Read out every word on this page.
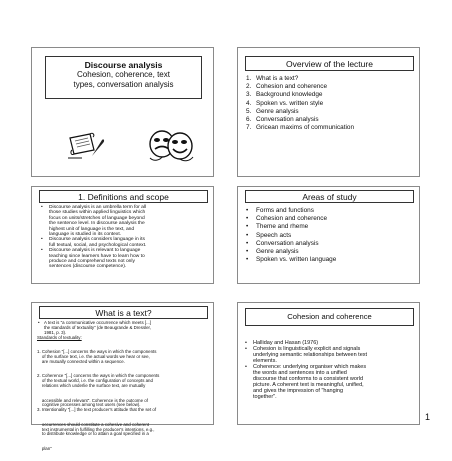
Discourse analysis
Cohesion, coherence, text
types, conversation analysis
Overview of the lecture
1. What is a text?
2. Cohesion and coherence
3. Background knowledge
4. Spoken vs. written style
5. Genre analysis
6. Conversation analysis
7. Gricean maxims of communication
1. Definitions and scope
• Discourse analysis is an umbrella term for all
those studies within applied linguistics which
focus on units/stretches of language beyond
the sentence level. In discourse analysis the
highest unit of language is the text, and
language is studied in its context.
• Discourse analysis considers language in its
full textual, social, and psychological context.
• Discourse analysis is relevant to language
teaching since learners have to learn how to
produce and comprehend texts not only
sentences (discourse competence).
Areas of study
• Forms and functions
• Cohesion and coherence
• Theme and rheme
• Speech acts
• Conversation analysis
• Genre analysis
• Spoken vs. written language
What is a text?
• A text is "a communicative occurrence which meets [...]
the standards of textuality" (de Beaugrande & Dressler,
1981, p. 3).
Standards of textuality:

1. Cohesion "[...] concerns the ways in which the components
of the surface text, i.e. the actual words we hear or see,
are mutually connected within a sequence.

2. Coherence "[...] concerns the ways in which the components
of the textual world, i.e. the configuration of concepts and
relations which underlie the surface text, are mutually

accessible and relevant". Coherence is the outcome of
cognitive processes among text users (see below).
3. Intentionality "[...] the text producer's attitude that the set of

occurrences should constitute a cohesive and coherent
text instrumental in fulfilling the producer's intentions, e.g.,
to distribute knowledge or to attain a goal specified in a

plan"

Cohesion and coherence
• Halliday and Hasan (1976)
• Cohesion is linguistically explicit and signals
underlying semantic relationships between text
elements.
• Coherence: underlying organiser which makes
the words and sentences into a unified
discourse that conforms to a consistent world
picture. A coherent text is meaningful, unified,
and gives the impression of "hanging
together".
1
